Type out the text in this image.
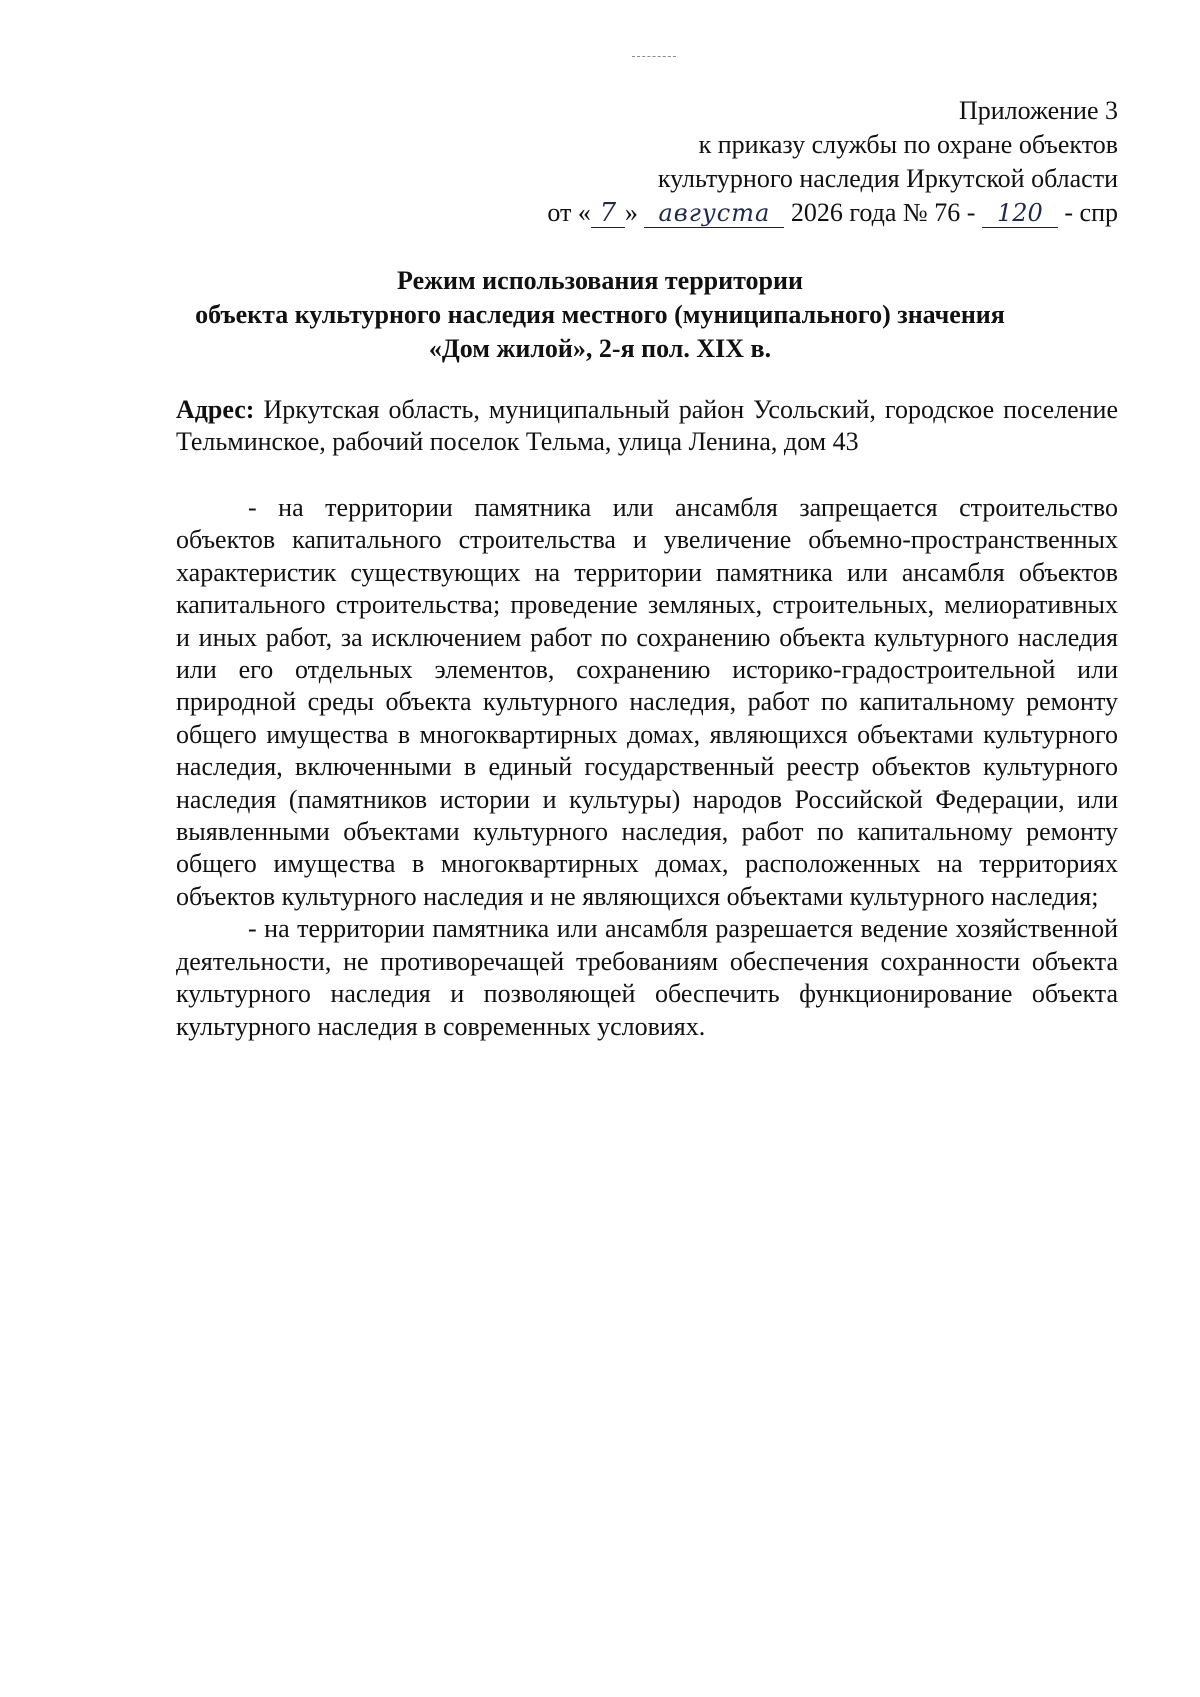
Приложение 3
к приказу службы по охране объектов
культурного наследия Иркутской области
от « 7 » августа 2026 года № 76 - 120 - спр
Режим использования территории
объекта культурного наследия местного (муниципального) значения
«Дом жилой», 2-я пол. XIX в.
Адрес: Иркутская область, муниципальный район Усольский, городское поселение Тельминское, рабочий поселок Тельма, улица Ленина, дом 43

- на территории памятника или ансамбля запрещается строительство объектов капитального строительства и увеличение объемно-пространственных характеристик существующих на территории памятника или ансамбля объектов капитального строительства; проведение земляных, строительных, мелиоративных и иных работ, за исключением работ по сохранению объекта культурного наследия или его отдельных элементов, сохранению историко-градостроительной или природной среды объекта культурного наследия, работ по капитальному ремонту общего имущества в многоквартирных домах, являющихся объектами культурного наследия, включенными в единый государственный реестр объектов культурного наследия (памятников истории и культуры) народов Российской Федерации, или выявленными объектами культурного наследия, работ по капитальному ремонту общего имущества в многоквартирных домах, расположенных на территориях объектов культурного наследия и не являющихся объектами культурного наследия;

- на территории памятника или ансамбля разрешается ведение хозяйственной деятельности, не противоречащей требованиям обеспечения сохранности объекта культурного наследия и позволяющей обеспечить функционирование объекта культурного наследия в современных условиях.
